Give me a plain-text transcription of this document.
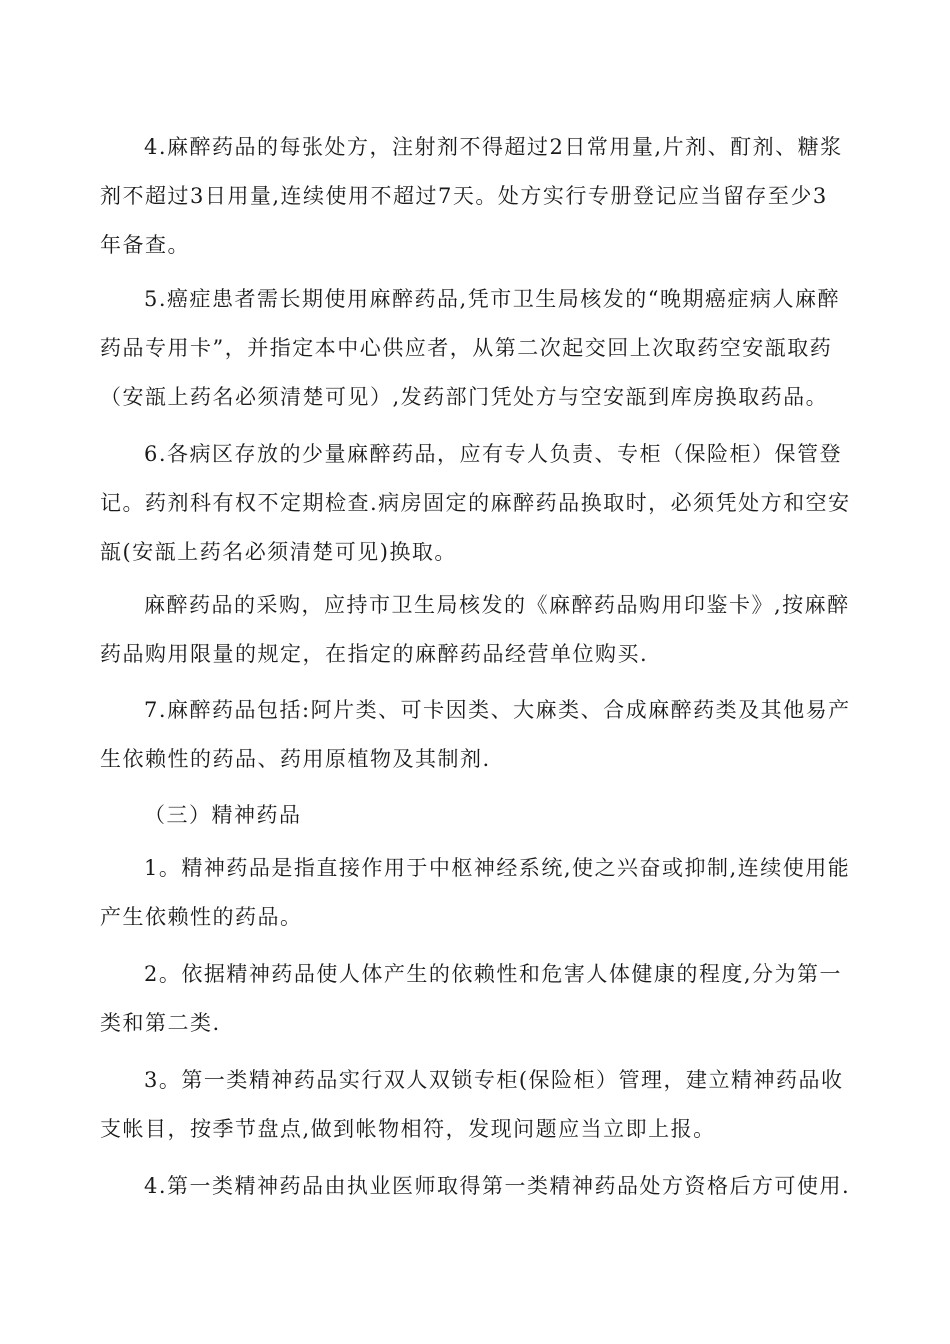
4.麻醉药品的每张处方，注射剂不得超过2日常用量,片剂、酊剂、糖浆
剂不超过3日用量,连续使用不超过7天。处方实行专册登记应当留存至少3
年备查。
5.癌症患者需长期使用麻醉药品,凭市卫生局核发的“晚期癌症病人麻醉
药品专用卡”，并指定本中心供应者，从第二次起交回上次取药空安瓿取药
（安瓿上药名必须清楚可见）,发药部门凭处方与空安瓿到库房换取药品。
6.各病区存放的少量麻醉药品，应有专人负责、专柜（保险柜）保管登
记。药剂科有权不定期检查.病房固定的麻醉药品换取时，必须凭处方和空安
瓿(安瓿上药名必须清楚可见)换取。
麻醉药品的采购，应持市卫生局核发的《麻醉药品购用印鉴卡》,按麻醉
药品购用限量的规定，在指定的麻醉药品经营单位购买.
7.麻醉药品包括:阿片类、可卡因类、大麻类、合成麻醉药类及其他易产
生依赖性的药品、药用原植物及其制剂.
（三）精神药品
1。精神药品是指直接作用于中枢神经系统,使之兴奋或抑制,连续使用能
产生依赖性的药品。
2。依据精神药品使人体产生的依赖性和危害人体健康的程度,分为第一
类和第二类.
3。第一类精神药品实行双人双锁专柜(保险柜）管理，建立精神药品收
支帐目，按季节盘点,做到帐物相符，发现问题应当立即上报。
4.第一类精神药品由执业医师取得第一类精神药品处方资格后方可使用.
